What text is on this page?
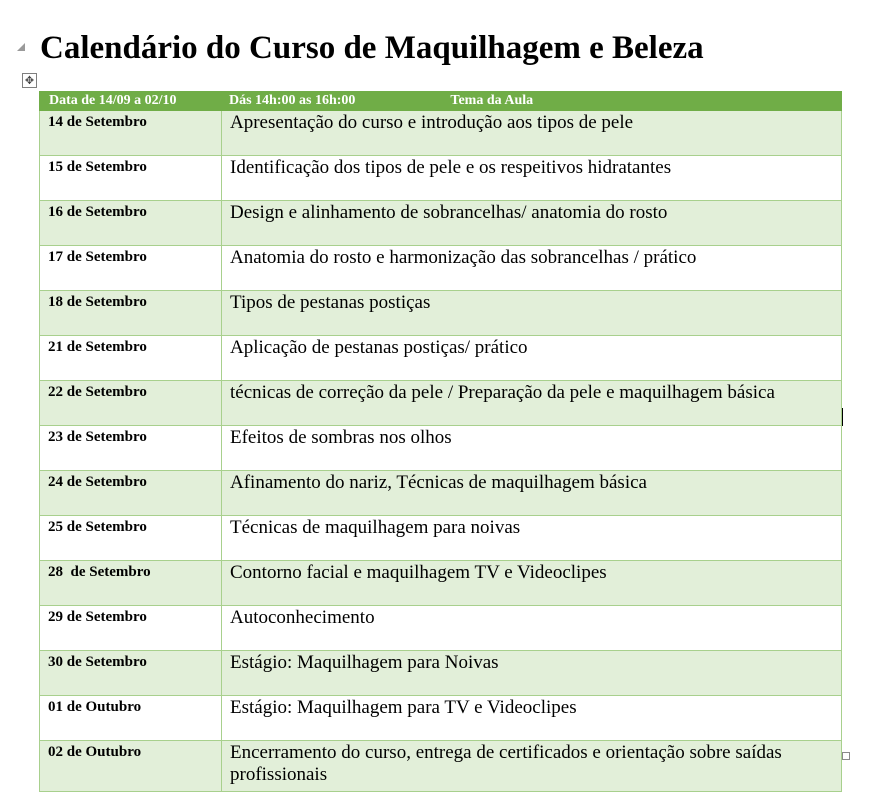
Calendário do Curso de Maquilhagem e Beleza
✥
Data de 14/09 a 02/10	Dás 14h:00 as 16h:00 Tema da Aula
14 de Setembro	Apresentação do curso e introdução aos tipos de pele
15 de Setembro	Identificação dos tipos de pele e os respeitivos hidratantes
16 de Setembro	Design e alinhamento de sobrancelhas/ anatomia do rosto
17 de Setembro	Anatomia do rosto e harmonização das sobrancelhas / prático
18 de Setembro	Tipos de pestanas postiças
21 de Setembro	Aplicação de pestanas postiças/ prático
22 de Setembro	técnicas de correção da pele / Preparação da pele e maquilhagem básica
23 de Setembro	Efeitos de sombras nos olhos
24 de Setembro	Afinamento do nariz, Técnicas de maquilhagem básica
25 de Setembro	Técnicas de maquilhagem para noivas
28  de Setembro	Contorno facial e maquilhagem TV e Videoclipes
29 de Setembro	Autoconhecimento
30 de Setembro	Estágio: Maquilhagem para Noivas
01 de Outubro	Estágio: Maquilhagem para TV e Videoclipes
02 de Outubro	Encerramento do curso, entrega de certificados e orientação sobre saídas profissionais
